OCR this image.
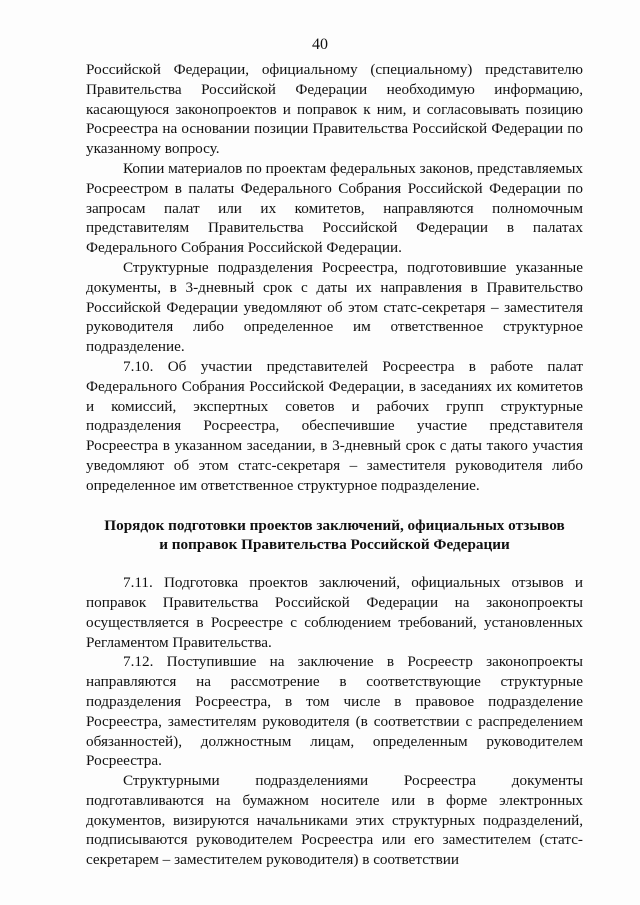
40

Российской Федерации, официальному (специальному) представителю Правительства Российской Федерации необходимую информацию, касающуюся законопроектов и поправок к ним, и согласовывать позицию Росреестра на основании позиции Правительства Российской Федерации по указанному вопросу.

Копии материалов по проектам федеральных законов, представляемых Росреестром в палаты Федерального Собрания Российской Федерации по запросам палат или их комитетов, направляются полномочным представителям Правительства Российской Федерации в палатах Федерального Собрания Российской Федерации.

Структурные подразделения Росреестра, подготовившие указанные документы, в 3-дневный срок с даты их направления в Правительство Российской Федерации уведомляют об этом статс-секретаря – заместителя руководителя либо определенное им ответственное структурное подразделение.

7.10. Об участии представителей Росреестра в работе палат Федерального Собрания Российской Федерации, в заседаниях их комитетов и комиссий, экспертных советов и рабочих групп структурные подразделения Росреестра, обеспечившие участие представителя Росреестра в указанном заседании, в 3-дневный срок с даты такого участия уведомляют об этом статс-секретаря – заместителя руководителя либо определенное им ответственное структурное подразделение.

Порядок подготовки проектов заключений, официальных отзывов
и поправок Правительства Российской Федерации

7.11. Подготовка проектов заключений, официальных отзывов и поправок Правительства Российской Федерации на законопроекты осуществляется в Росреестре с соблюдением требований, установленных Регламентом Правительства.

7.12. Поступившие на заключение в Росреестр законопроекты направляются на рассмотрение в соответствующие структурные подразделения Росреестра, в том числе в правовое подразделение Росреестра, заместителям руководителя (в соответствии с распределением обязанностей), должностным лицам, определенным руководителем Росреестра.

Структурными подразделениями Росреестра документы подготавливаются на бумажном носителе или в форме электронных документов, визируются начальниками этих структурных подразделений, подписываются руководителем Росреестра или его заместителем (статс-секретарем – заместителем руководителя) в соответствии
